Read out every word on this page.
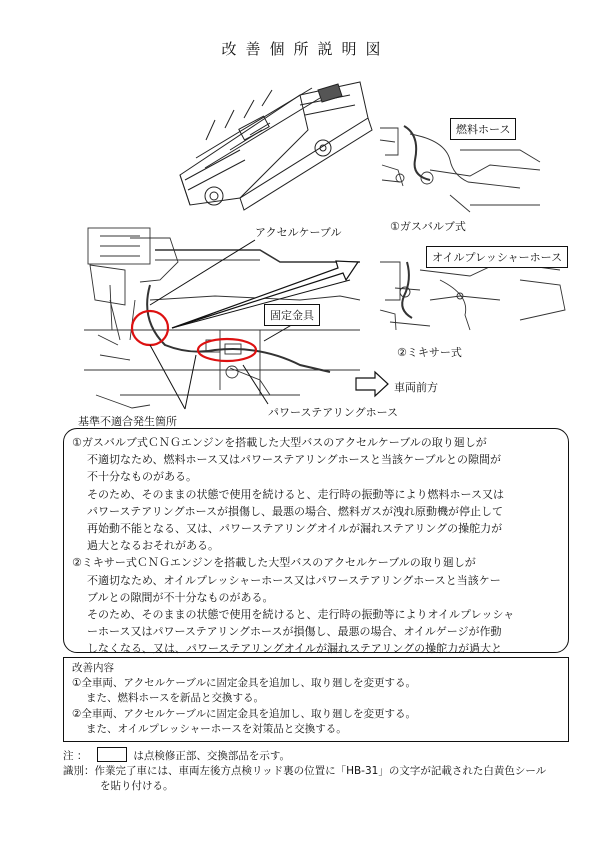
改善個所説明図
アクセルケーブル
燃料ホース
①ガスバルブ式
オイルプレッシャーホース
②ミキサー式
固定金具
車両前方
基準不適合発生箇所
パワーステアリングホース

①ガスバルブ式ＣＮＧエンジンを搭載した大型バスのアクセルケーブルの取り廻しが

不適切なため、燃料ホース又はパワーステアリングホースと当該ケーブルとの隙間が

不十分なものがある。

そのため、そのままの状態で使用を続けると、走行時の振動等により燃料ホース又は

パワーステアリングホースが損傷し、最悪の場合、燃料ガスが洩れ原動機が停止して

再始動不能となる、又は、パワーステアリングオイルが漏れステアリングの操舵力が

過大となるおそれがある。

②ミキサー式ＣＮＧエンジンを搭載した大型バスのアクセルケーブルの取り廻しが

不適切なため、オイルプレッシャーホース又はパワーステアリングホースと当該ケー

ブルとの隙間が不十分なものがある。

そのため、そのままの状態で使用を続けると、走行時の振動等によりオイルプレッシャ

ーホース又はパワーステアリングホースが損傷し、最悪の場合、オイルゲージが作動

しなくなる、又は、パワーステアリングオイルが漏れステアリングの操舵力が過大と

改善内容

①全車両、アクセルケーブルに固定金具を追加し、取り廻しを変更する。

また、燃料ホースを新品と交換する。

②全車両、アクセルケーブルに固定金具を追加し、取り廻しを変更する。

また、オイルプレッシャーホースを対策品と交換する。

注 ：	は点検修正部、交換部品を示す。

識別：作業完了車には、車両左後方点検リッド裏の位置に「HB-31」の文字が記載された白黄色シール

を貼り付ける。
